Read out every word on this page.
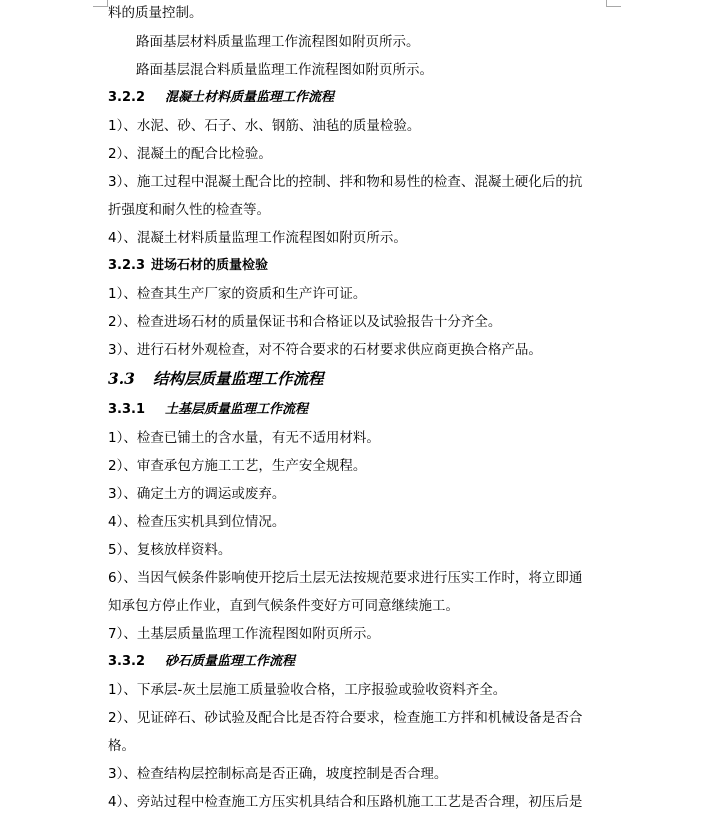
料的质量控制。
路面基层材料质量监理工作流程图如附页所示。
路面基层混合料质量监理工作流程图如附页所示。
3.2.2 混凝土材料质量监理工作流程
1）、水泥、砂、石子、水、钢筋、油毡的质量检验。
2）、混凝土的配合比检验。
3）、施工过程中混凝土配合比的控制、拌和物和易性的检查、混凝土硬化后的抗
折强度和耐久性的检查等。
4）、混凝土材料质量监理工作流程图如附页所示。
3.2.3 进场石材的质量检验
1）、检查其生产厂家的资质和生产许可证。
2）、检查进场石材的质量保证书和合格证以及试验报告十分齐全。
3）、进行石材外观检查，对不符合要求的石材要求供应商更换合格产品。
3.3 结构层质量监理工作流程
3.3.1 土基层质量监理工作流程
1）、检查已铺土的含水量，有无不适用材料。
2）、审查承包方施工工艺，生产安全规程。
3）、确定土方的调运或废弃。
4）、检查压实机具到位情况。
5）、复核放样资料。
6）、当因气候条件影响使开挖后土层无法按规范要求进行压实工作时，将立即通
知承包方停止作业，直到气候条件变好方可同意继续施工。
7）、土基层质量监理工作流程图如附页所示。
3.3.2 砂石质量监理工作流程
1）、下承层-灰土层施工质量验收合格，工序报验或验收资料齐全。
2）、见证碎石、砂试验及配合比是否符合要求，检查施工方拌和机械设备是否合
格。
3）、检查结构层控制标高是否正确，坡度控制是否合理。
4）、旁站过程中检查施工方压实机具结合和压路机施工工艺是否合理，初压后是
